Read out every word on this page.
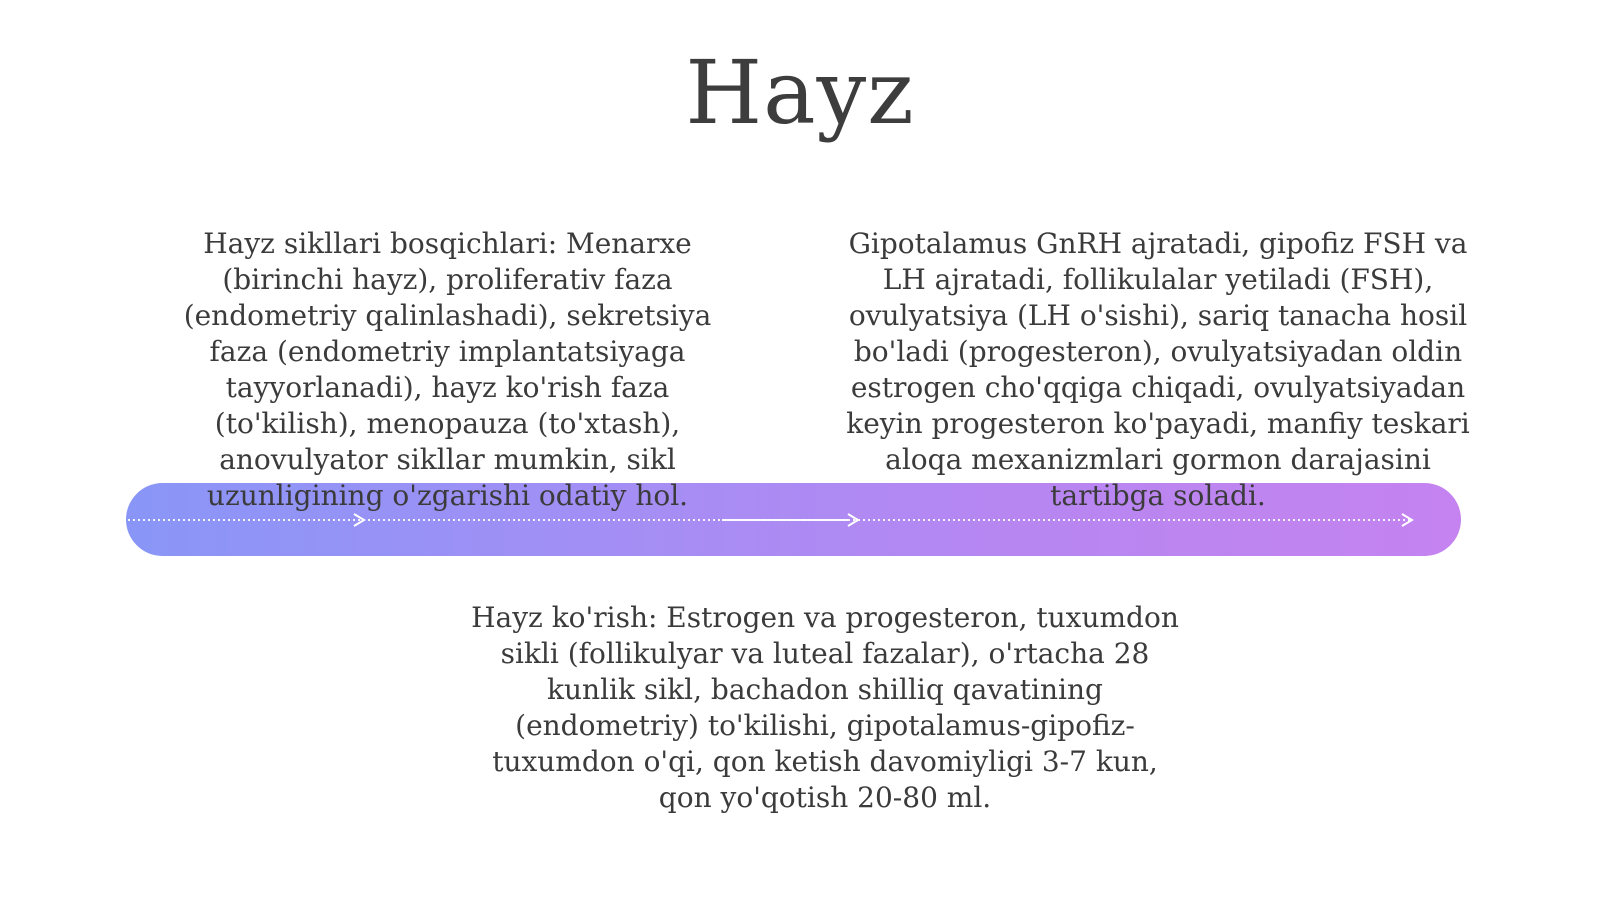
Hayz
Hayz sikllari bosqichlari: Menarxe (birinchi hayz), proliferativ faza (endometriy qalinlashadi), sekretsiya faza (endometriy implantatsiyaga tayyorlanadi), hayz ko'rish faza (to'kilish), menopauza (to'xtash), anovulyator sikllar mumkin, sikl uzunligining o'zgarishi odatiy hol.
Gipotalamus GnRH ajratadi, gipofiz FSH va LH ajratadi, follikulalar yetiladi (FSH), ovulyatsiya (LH o'sishi), sariq tanacha hosil bo'ladi (progesteron), ovulyatsiyadan oldin estrogen cho'qqiga chiqadi, ovulyatsiyadan keyin progesteron ko'payadi, manfiy teskari aloqa mexanizmlari gormon darajasini tartibga soladi.
Hayz ko'rish: Estrogen va progesteron, tuxumdon sikli (follikulyar va luteal fazalar), o'rtacha 28 kunlik sikl, bachadon shilliq qavatining (endometriy) to'kilishi, gipotalamus-gipofiz-tuxumdon o'qi, qon ketish davomiyligi 3-7 kun, qon yo'qotish 20-80 ml.
